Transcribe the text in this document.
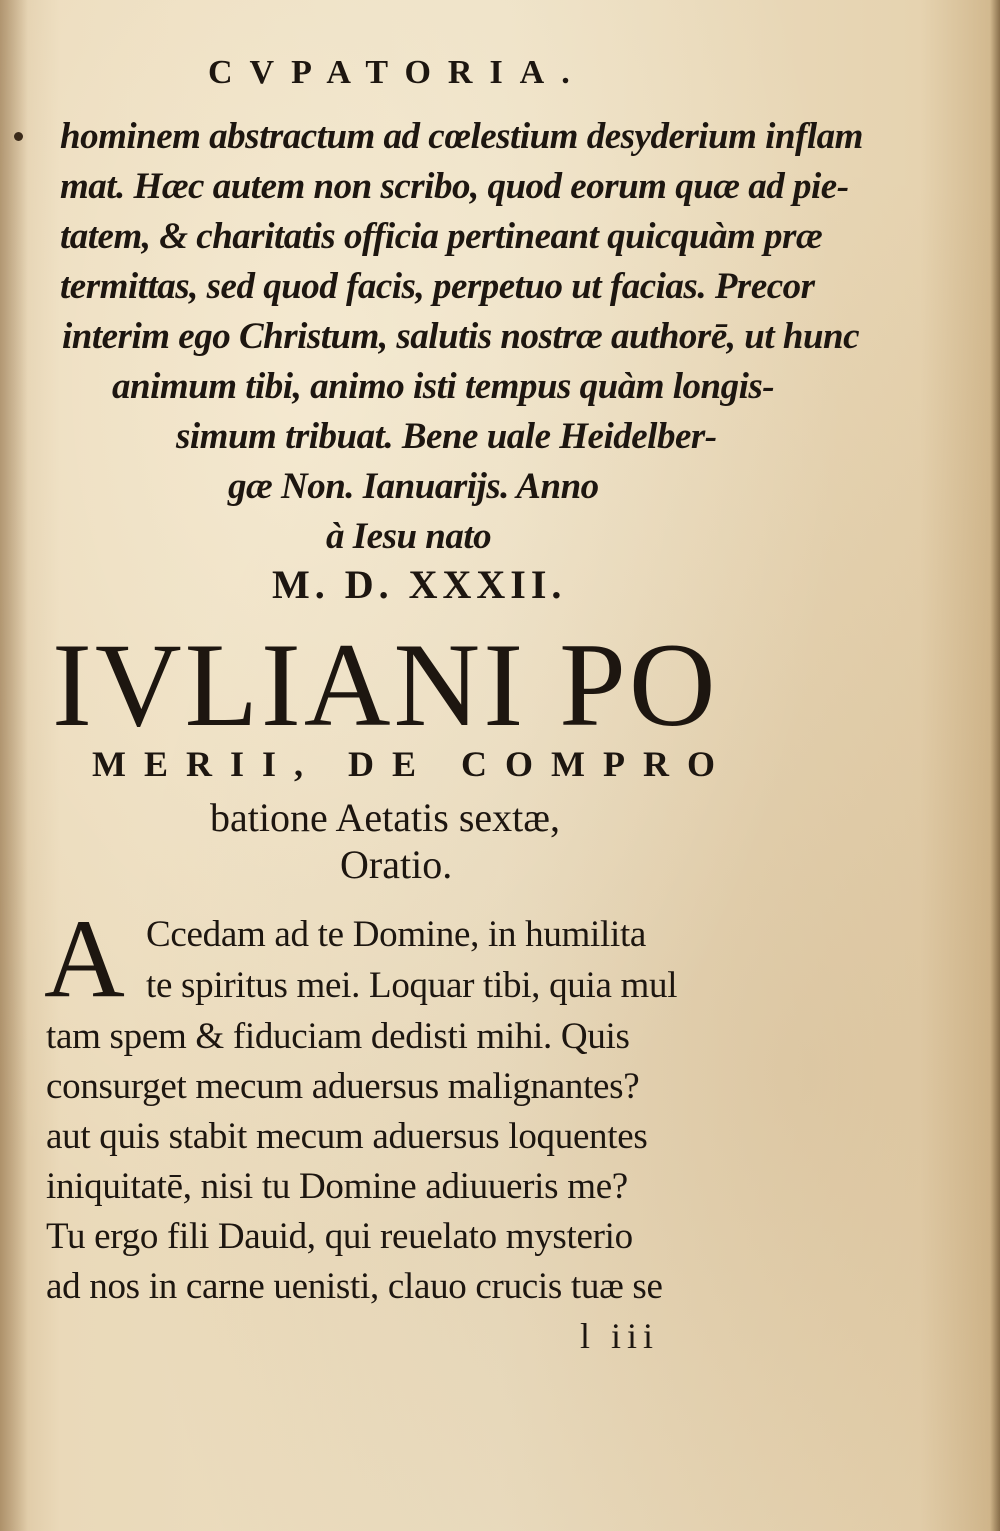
CVPATORIA.
hominem abstractum ad cœlestium desyderium inflam
mat. Hæc autem non scribo, quod eorum quæ ad pie-
tatem, & charitatis officia pertineant quicquàm præ
termittas, sed quod facis, perpetuo ut facias. Precor
interim ego Christum, salutis nostræ authorē, ut hunc
animum tibi, animo isti tempus quàm longis-
simum tribuat. Bene uale Heidelber-
gæ Non. Ianuarijs. Anno
à Iesu nato
M. D. XXXII.
IVLIANI PO
MERII, DE COMPRO
batione Aetatis sextæ,
Oratio.
A Ccedam ad te Domine, in humilita
te spiritus mei. Loquar tibi, quia mul
tam spem & fiduciam dedisti mihi. Quis
consurget mecum aduersus malignantes?
aut quis stabit mecum aduersus loquentes
iniquitatē, nisi tu Domine adiuueris me?
Tu ergo fili Dauid, qui reuelato mysterio
ad nos in carne uenisti, clauo crucis tuæ se
l iii
